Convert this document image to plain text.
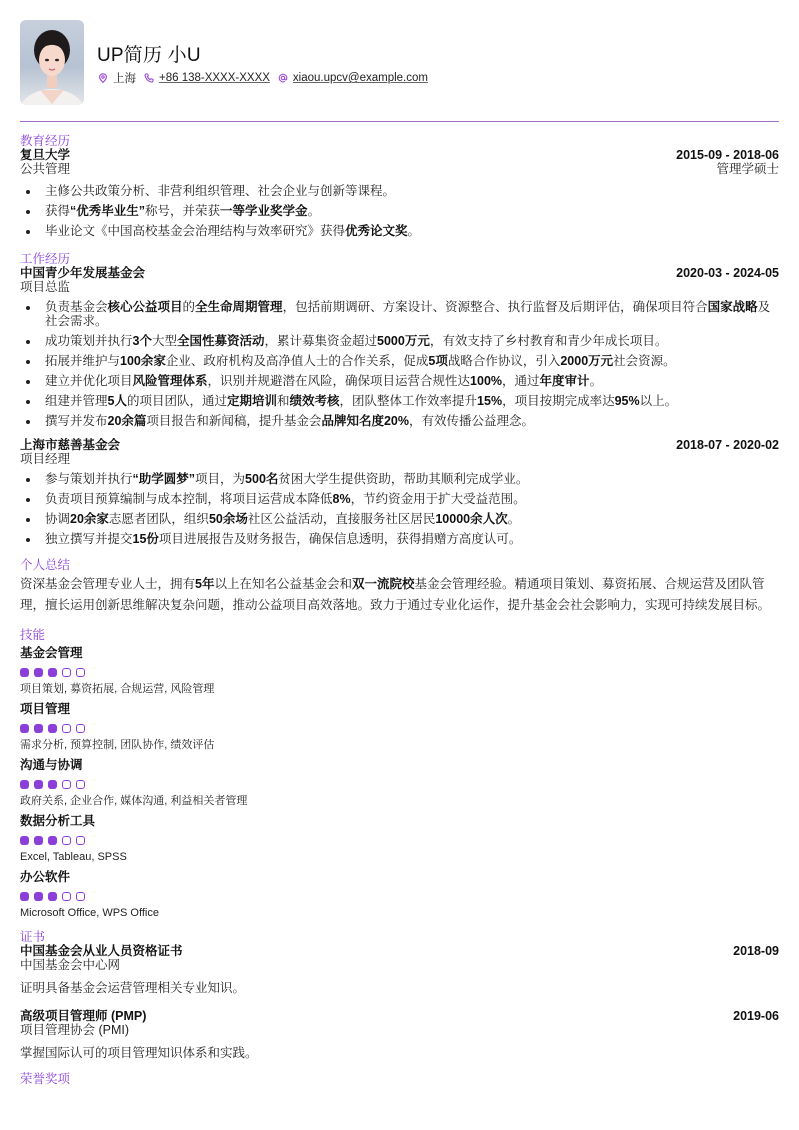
UP简历 小U
上海 +86 138-XXXX-XXXX xiaou.upcv@example.com
教育经历
复旦大学	2015-09 - 2018-06
公共管理	管理学硕士
主修公共政策分析、非营利组织管理、社会企业与创新等课程。
获得“优秀毕业生”称号，并荣获一等学业奖学金。
毕业论文《中国高校基金会治理结构与效率研究》获得优秀论文奖。
工作经历
中国青少年发展基金会	2020-03 - 2024-05
项目总监
负责基金会核心公益项目的全生命周期管理，包括前期调研、方案设计、资源整合、执行监督及后期评估，确保项目符合国家战略及社会需求。
成功策划并执行3个大型全国性募资活动，累计募集资金超过5000万元，有效支持了乡村教育和青少年成长项目。
拓展并维护与100余家企业、政府机构及高净值人士的合作关系，促成5项战略合作协议，引入2000万元社会资源。
建立并优化项目风险管理体系，识别并规避潜在风险，确保项目运营合规性达100%，通过年度审计。
组建并管理5人的项目团队，通过定期培训和绩效考核，团队整体工作效率提升15%，项目按期完成率达95%以上。
撰写并发布20余篇项目报告和新闻稿，提升基金会品牌知名度20%，有效传播公益理念。
上海市慈善基金会	2018-07 - 2020-02
项目经理
参与策划并执行“助学圆梦”项目，为500名贫困大学生提供资助，帮助其顺利完成学业。
负责项目预算编制与成本控制，将项目运营成本降低8%，节约资金用于扩大受益范围。
协调20余家志愿者团队，组织50余场社区公益活动，直接服务社区居民10000余人次。
独立撰写并提交15份项目进展报告及财务报告，确保信息透明，获得捐赠方高度认可。
个人总结
资深基金会管理专业人士，拥有5年以上在知名公益基金会和双一流院校基金会管理经验。精通项目策划、募资拓展、合规运营及团队管理，擅长运用创新思维解决复杂问题，推动公益项目高效落地。致力于通过专业化运作，提升基金会社会影响力，实现可持续发展目标。
技能
基金会管理
项目策划, 募资拓展, 合规运营, 风险管理
项目管理
需求分析, 预算控制, 团队协作, 绩效评估
沟通与协调
政府关系, 企业合作, 媒体沟通, 利益相关者管理
数据分析工具
Excel, Tableau, SPSS
办公软件
Microsoft Office, WPS Office
证书
中国基金会从业人员资格证书	2018-09
中国基金会中心网
证明具备基金会运营管理相关专业知识。
高级项目管理师 (PMP)	2019-06
项目管理协会 (PMI)
掌握国际认可的项目管理知识体系和实践。
荣誉奖项
